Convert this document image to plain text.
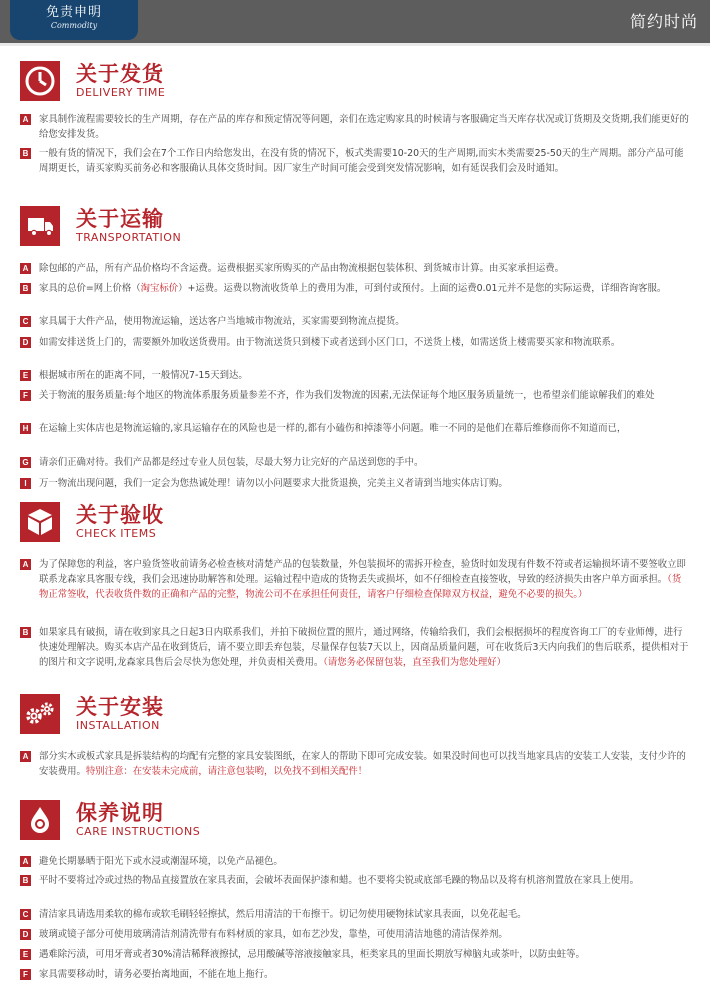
免责申明
Commodity	简约时尚
关于发货
DELIVERY TIME
A 家具制作流程需要较长的生产周期，存在产品的库存和预定情况等问题，亲们在选定购家具的时候请与客服确定当天库存状况或订货期及交货期,我们能更好的给您安排发货。
B 一般有货的情况下，我们会在7个工作日内给您发出，在没有货的情况下，板式类需要10-20天的生产周期,而实木类需要25-50天的生产周期。部分产品可能周期更长，请买家购买前务必和客服确认具体交货时间。因厂家生产时间可能会受到突发情况影响，如有延误我们会及时通知。
关于运输
TRANSPORTATION
A 除包邮的产品，所有产品价格均不含运费。运费根据买家所购买的产品由物流根据包装体积、到货城市计算。由买家承担运费。
B 家具的总价=网上价格（淘宝标价）+运费。运费以物流收货单上的费用为准，可到付或预付。上面的运费0.01元并不是您的实际运费，详细咨询客服。
C 家具属于大件产品，使用物流运输，送达客户当地城市物流站，买家需要到物流点提货。
D 如需安排送货上门的，需要额外加收送货费用。由于物流送货只到楼下或者送到小区门口，不送货上楼，如需送货上楼需要买家和物流联系。
E	根据城市所在的距离不同，一般情况7-15天到达。
F	关于物流的服务质量:每个地区的物流体系服务质量参差不齐，作为我们发物流的因素,无法保证每个地区服务质量统一，也希望亲们能谅解我们的难处
H 在运输上实体店也是物流运输的,家具运输存在的风险也是一样的,都有小磕伤和掉漆等小问题。唯一不同的是他们在幕后维修而你不知道而已，
G 请亲们正确对待。我们产品都是经过专业人员包装，尽最大努力让完好的产品送到您的手中。
I	万一物流出现问题，我们一定会为您热诚处理！请勿以小问题要求大批货退换，完美主义者请到当地实体店订购。
关于验收
CHECK ITEMS
A 为了保障您的利益，客户验货签收前请务必检查核对清楚产品的包装数量，外包装损坏的需拆开检查，验货时如发现有件数不符或者运输损坏请不要签收立即联系龙森家具客服专线，我们会迅速协助解答和处理。运输过程中造成的货物丢失或损坏，如不仔细检查直接签收，导致的经济损失由客户单方面承担。（货物正常签收，代表收货件数的正确和产品的完整，物流公司不在承担任何责任，请客户仔细检查保障双方权益，避免不必要的损失。）
B 如果家具有破损，请在收到家具之日起3日内联系我们，并拍下破损位置的照片，通过网络，传输给我们，我们会根据损坏的程度咨询工厂的专业师傅，进行快速处理解决。购买本店产品在收到货后，请不要立即丢弃包装，尽量保存包装7天以上，因商品质量问题，可在收货后3天内向我们的售后联系，提供相对于的图片和文字说明,龙森家具售后会尽快为您处理，并负责相关费用。（请您务必保留包装，直至我们为您处理好）
关于安装
INSTALLATION
A 部分实木或板式家具是拆装结构的均配有完整的家具安装图纸，在家人的帮助下即可完成安装。如果没时间也可以找当地家具店的安装工人安装，支付少许的安装费用。特别注意：在安装未完成前，请注意包装哟，以免找不到相关配件！
保养说明
CARE INSTRUCTIONS
A 避免长期暴晒于阳光下或水浸或潮湿环境，以免产品褪色。
B 平时不要将过冷或过热的物品直接置放在家具表面，会破坏表面保护漆和蜡。也不要将尖锐或底部毛躁的物品以及将有机溶剂置放在家具上使用。
C 清洁家具请选用柔软的棉布或软毛刷轻轻擦拭，然后用清洁的干布擦干。切记勿使用硬物抹试家具表面，以免花起毛。
D 玻璃或镜子部分可使用玻璃清洁剂清洗带有布料材质的家具，如布艺沙发，靠垫，可使用清洁地毯的清洁保养剂。
E	遇难除污渍，可用牙膏或者30%清洁稀释液擦拭，忌用酸碱等溶液接触家具，柜类家具的里面长期放写樟脑丸或茶叶，以防虫蛀等。
F	家具需要移动时，请务必要抬离地面，不能在地上拖行。
